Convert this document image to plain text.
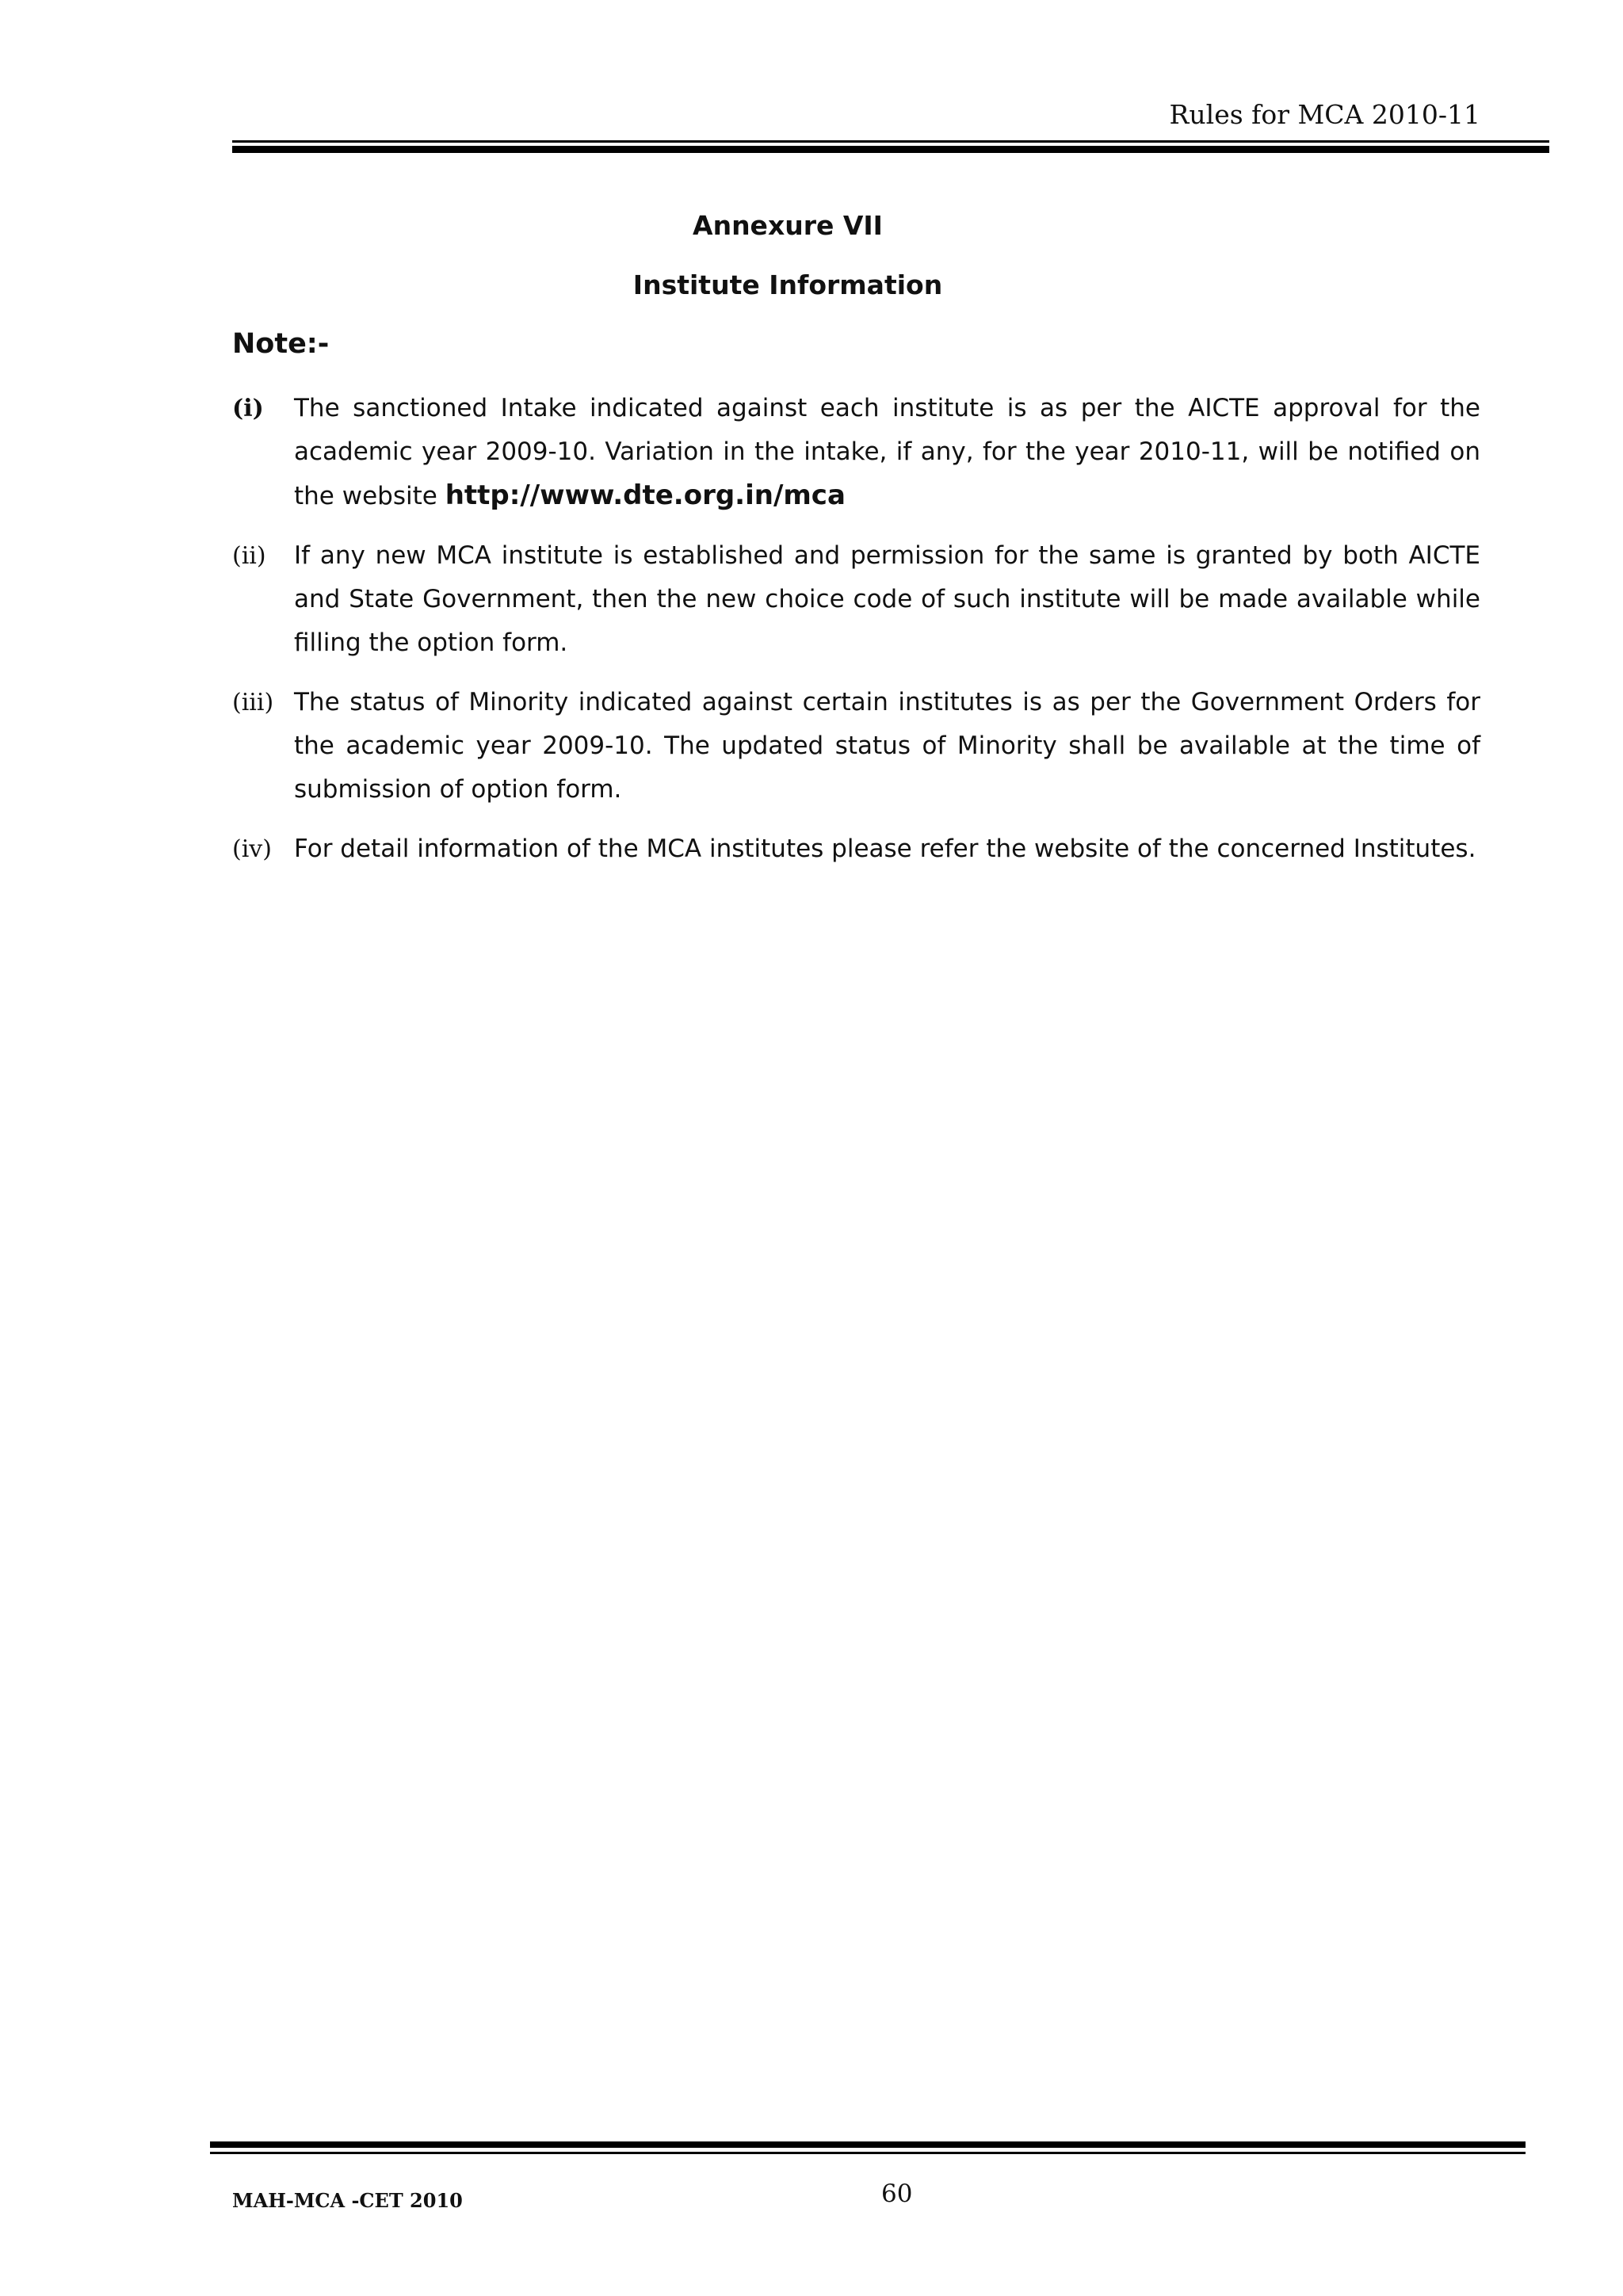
Rules for MCA 2010-11
Annexure VII
Institute Information
Note:-
(i)	The sanctioned Intake indicated against each institute is as per the AICTE approval for the academic year 2009-10. Variation in the intake, if any, for the year 2010-11, will be notified on the website http://www.dte.org.in/mca
(ii)	If any new MCA institute is established and permission for the same is granted by both AICTE and State Government, then the new choice code of such institute will be made available while filling the option form.
(iii) The status of Minority indicated against certain institutes is as per the Government Orders for the academic year 2009-10. The updated status of Minority shall be available at the time of submission of option form.
(iv) For detail information of the MCA institutes please refer the website of the concerned Institutes.
MAH-MCA -CET 2010	60
